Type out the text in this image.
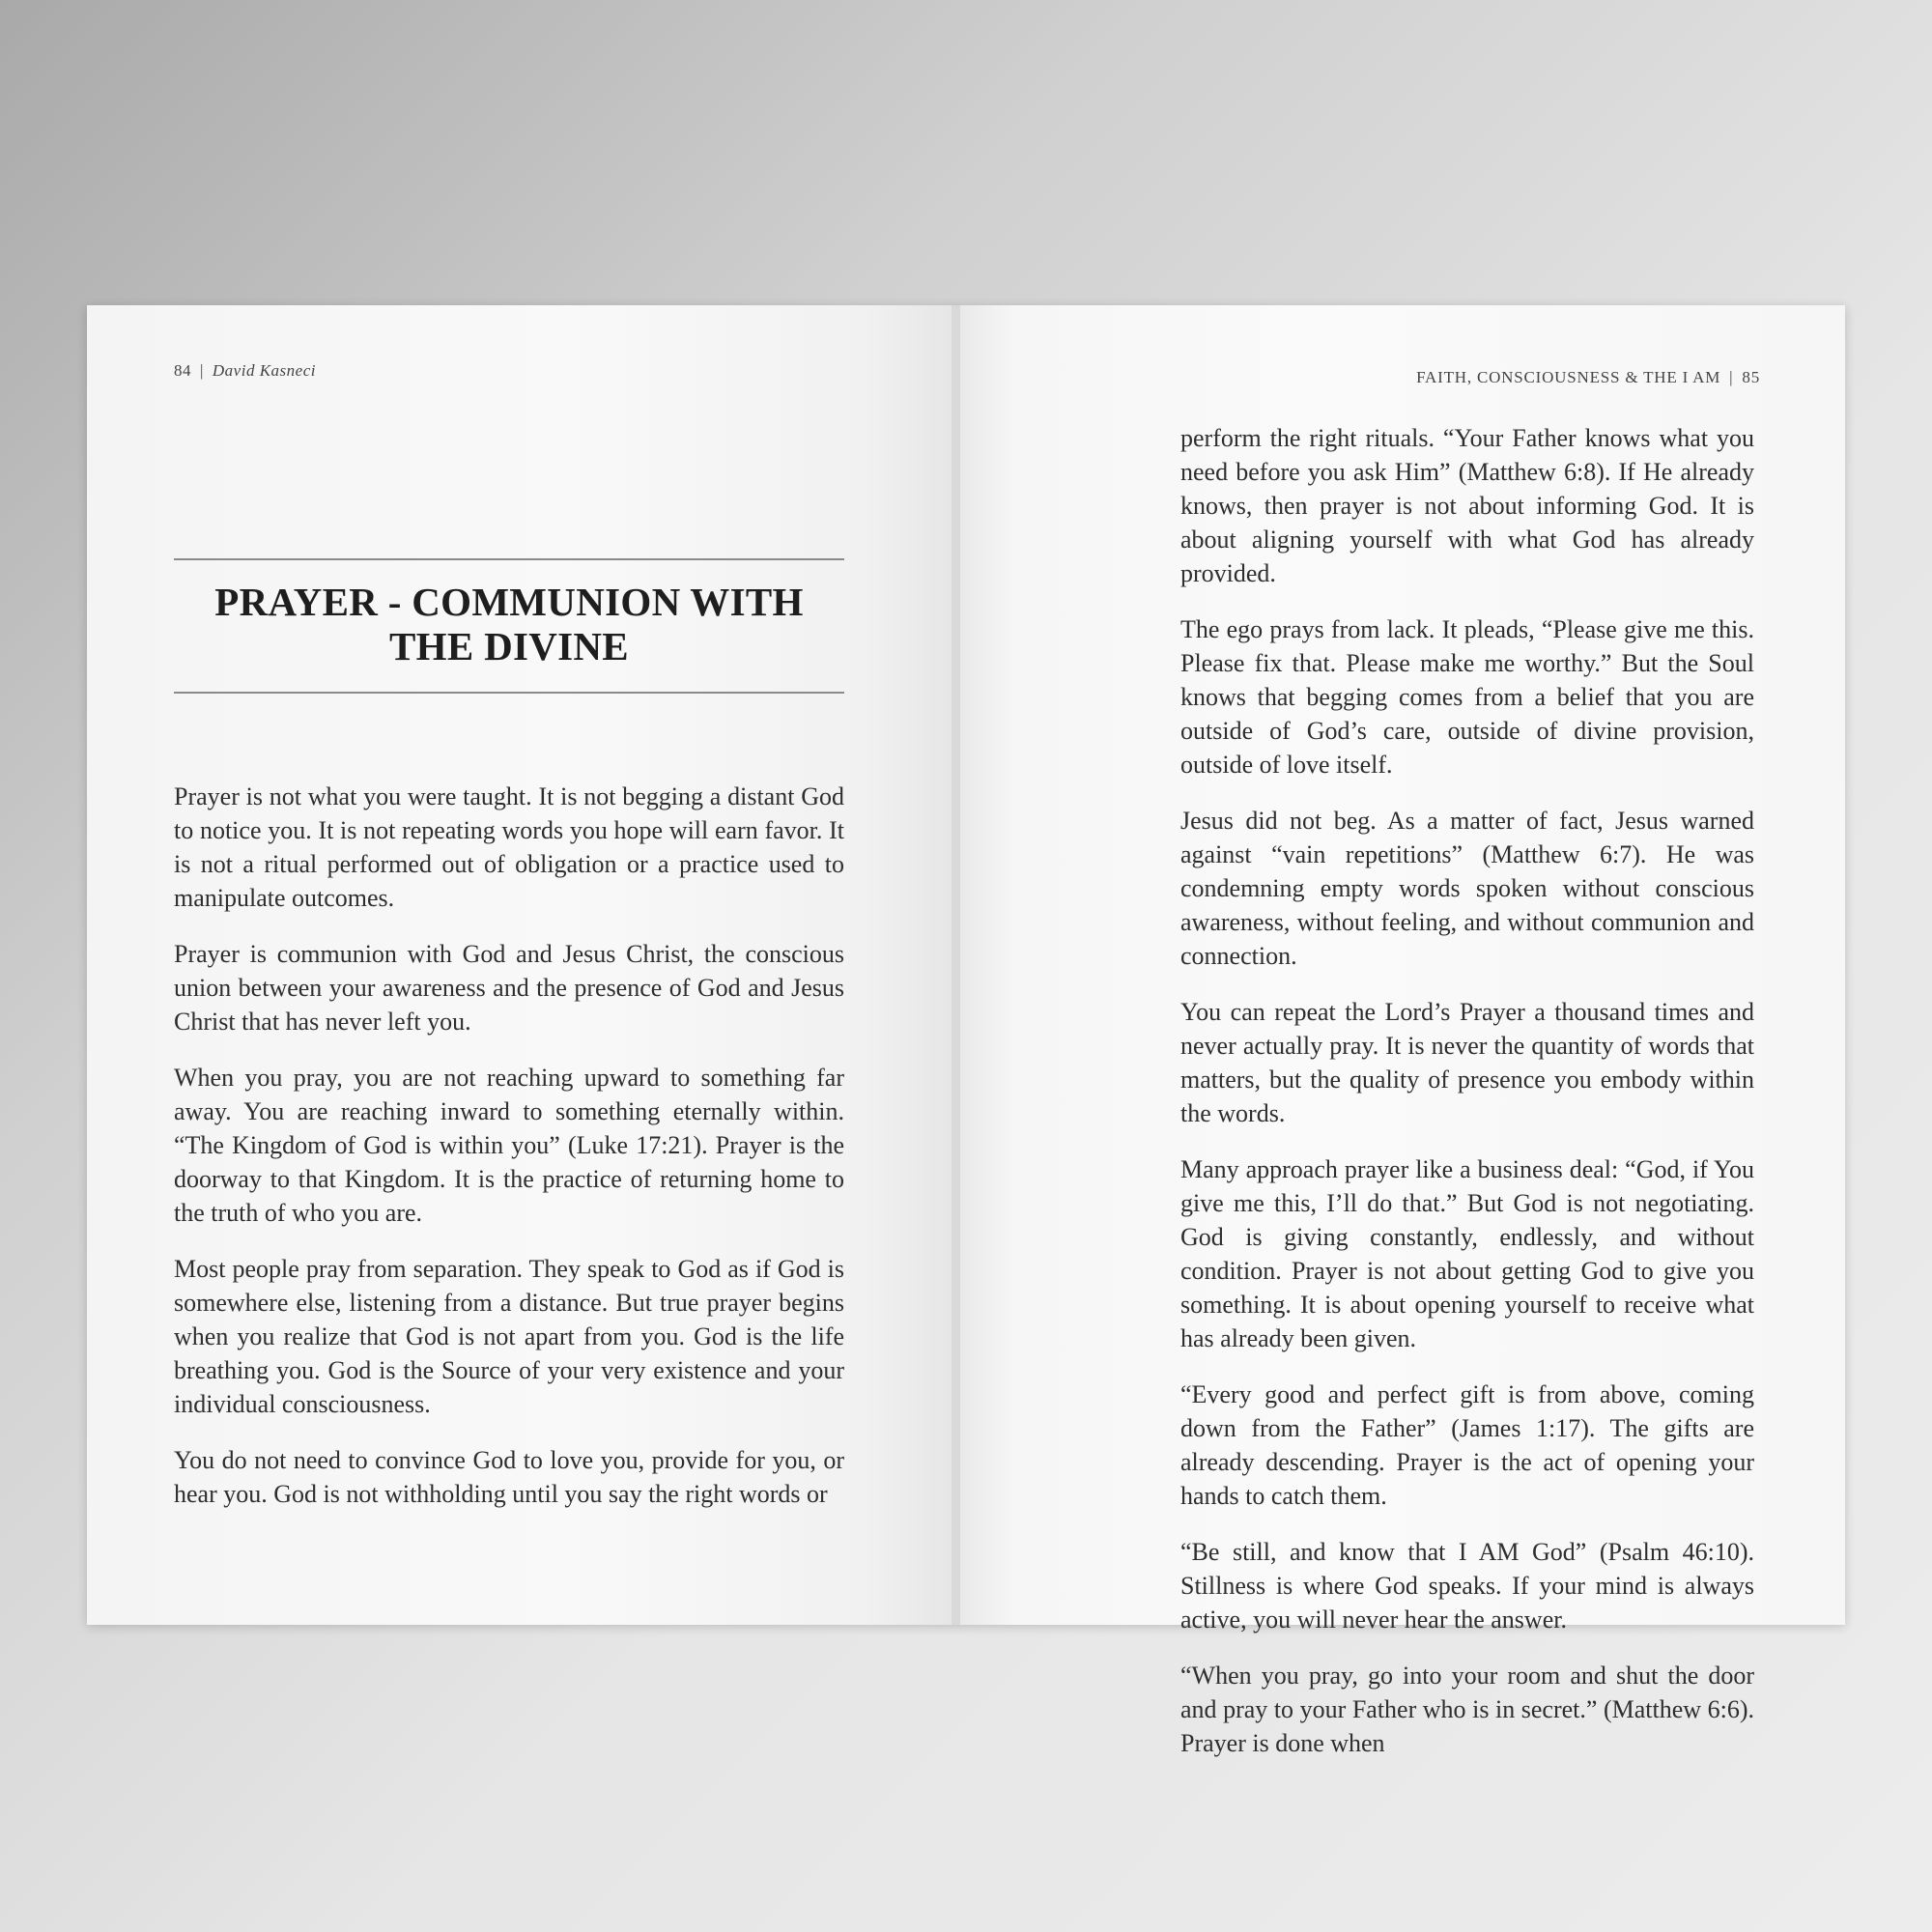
84 | David Kasneci
PRAYER - COMMUNION WITH THE DIVINE

Prayer is not what you were taught. It is not begging a distant God to notice you. It is not repeating words you hope will earn favor. It is not a ritual performed out of obligation or a practice used to manipulate outcomes.

Prayer is communion with God and Jesus Christ, the conscious union between your awareness and the presence of God and Jesus Christ that has never left you.

When you pray, you are not reaching upward to something far away. You are reaching inward to something eternally within. “The Kingdom of God is within you” (Luke 17:21). Prayer is the doorway to that Kingdom. It is the practice of returning home to the truth of who you are.

Most people pray from separation. They speak to God as if God is somewhere else, listening from a distance. But true prayer begins when you realize that God is not apart from you. God is the life breathing you. God is the Source of your very existence and your individual consciousness.

You do not need to convince God to love you, provide for you, or hear you. God is not withholding until you say the right words or

FAITH, CONSCIOUSNESS & THE I AM | 85

perform the right rituals. “Your Father knows what you need before you ask Him” (Matthew 6:8). If He already knows, then prayer is not about informing God. It is about aligning yourself with what God has already provided.

The ego prays from lack. It pleads, “Please give me this. Please fix that. Please make me worthy.” But the Soul knows that begging comes from a belief that you are outside of God’s care, outside of divine provision, outside of love itself.

Jesus did not beg. As a matter of fact, Jesus warned against “vain repetitions” (Matthew 6:7). He was condemning empty words spoken without conscious awareness, without feeling, and without communion and connection.

You can repeat the Lord’s Prayer a thousand times and never actually pray. It is never the quantity of words that matters, but the quality of presence you embody within the words.

Many approach prayer like a business deal: “God, if You give me this, I’ll do that.” But God is not negotiating. God is giving constantly, endlessly, and without condition. Prayer is not about getting God to give you something. It is about opening yourself to receive what has already been given.

“Every good and perfect gift is from above, coming down from the Father” (James 1:17). The gifts are already descending. Prayer is the act of opening your hands to catch them.

“Be still, and know that I AM God” (Psalm 46:10). Stillness is where God speaks. If your mind is always active, you will never hear the answer.

“When you pray, go into your room and shut the door and pray to your Father who is in secret.” (Matthew 6:6). Prayer is done when
